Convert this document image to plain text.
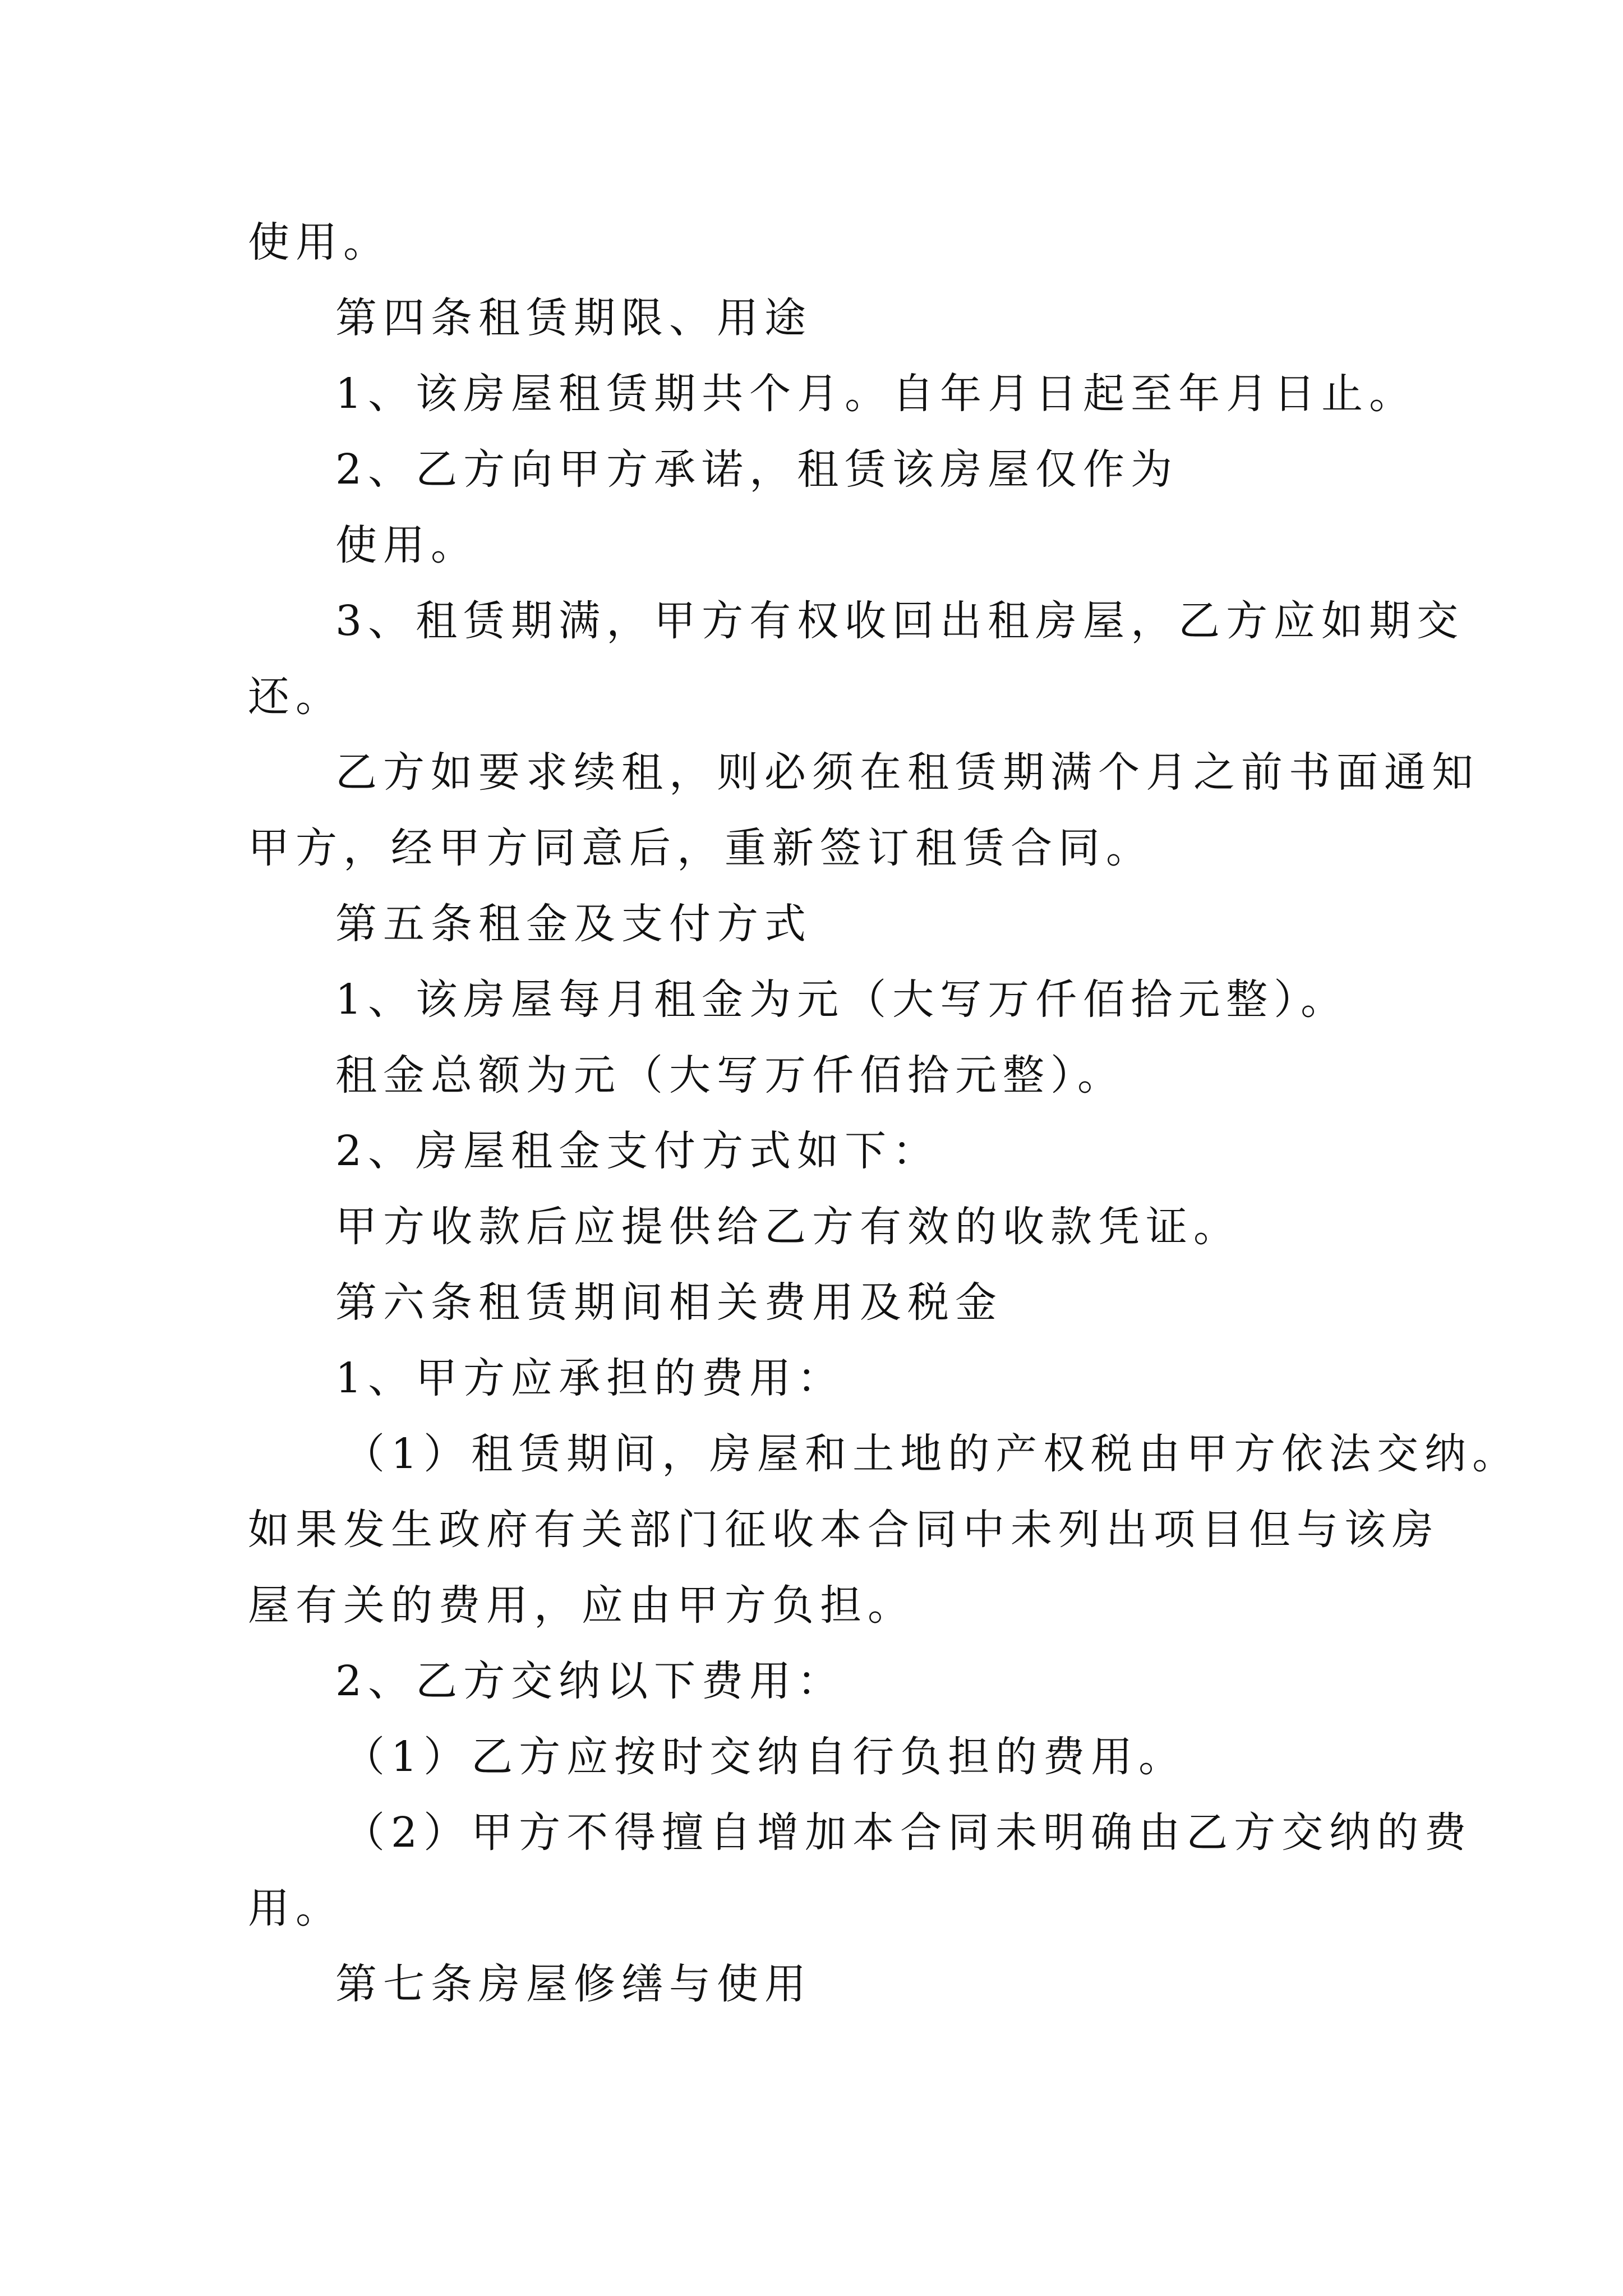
使用。
第四条租赁期限、用途
1、该房屋租赁期共个月。自年月日起至年月日止。
2、乙方向甲方承诺，租赁该房屋仅作为
使用。
3、租赁期满，甲方有权收回出租房屋，乙方应如期交
还。
乙方如要求续租，则必须在租赁期满个月之前书面通知
甲方，经甲方同意后，重新签订租赁合同。
第五条租金及支付方式
1、该房屋每月租金为元（大写万仟佰拾元整）。
租金总额为元（大写万仟佰拾元整）。
2、房屋租金支付方式如下：
甲方收款后应提供给乙方有效的收款凭证。
第六条租赁期间相关费用及税金
1、甲方应承担的费用：
（1）租赁期间，房屋和土地的产权税由甲方依法交纳。
如果发生政府有关部门征收本合同中未列出项目但与该房
屋有关的费用，应由甲方负担。
2、乙方交纳以下费用：
（1）乙方应按时交纳自行负担的费用。
（2）甲方不得擅自增加本合同未明确由乙方交纳的费
用。
第七条房屋修缮与使用
